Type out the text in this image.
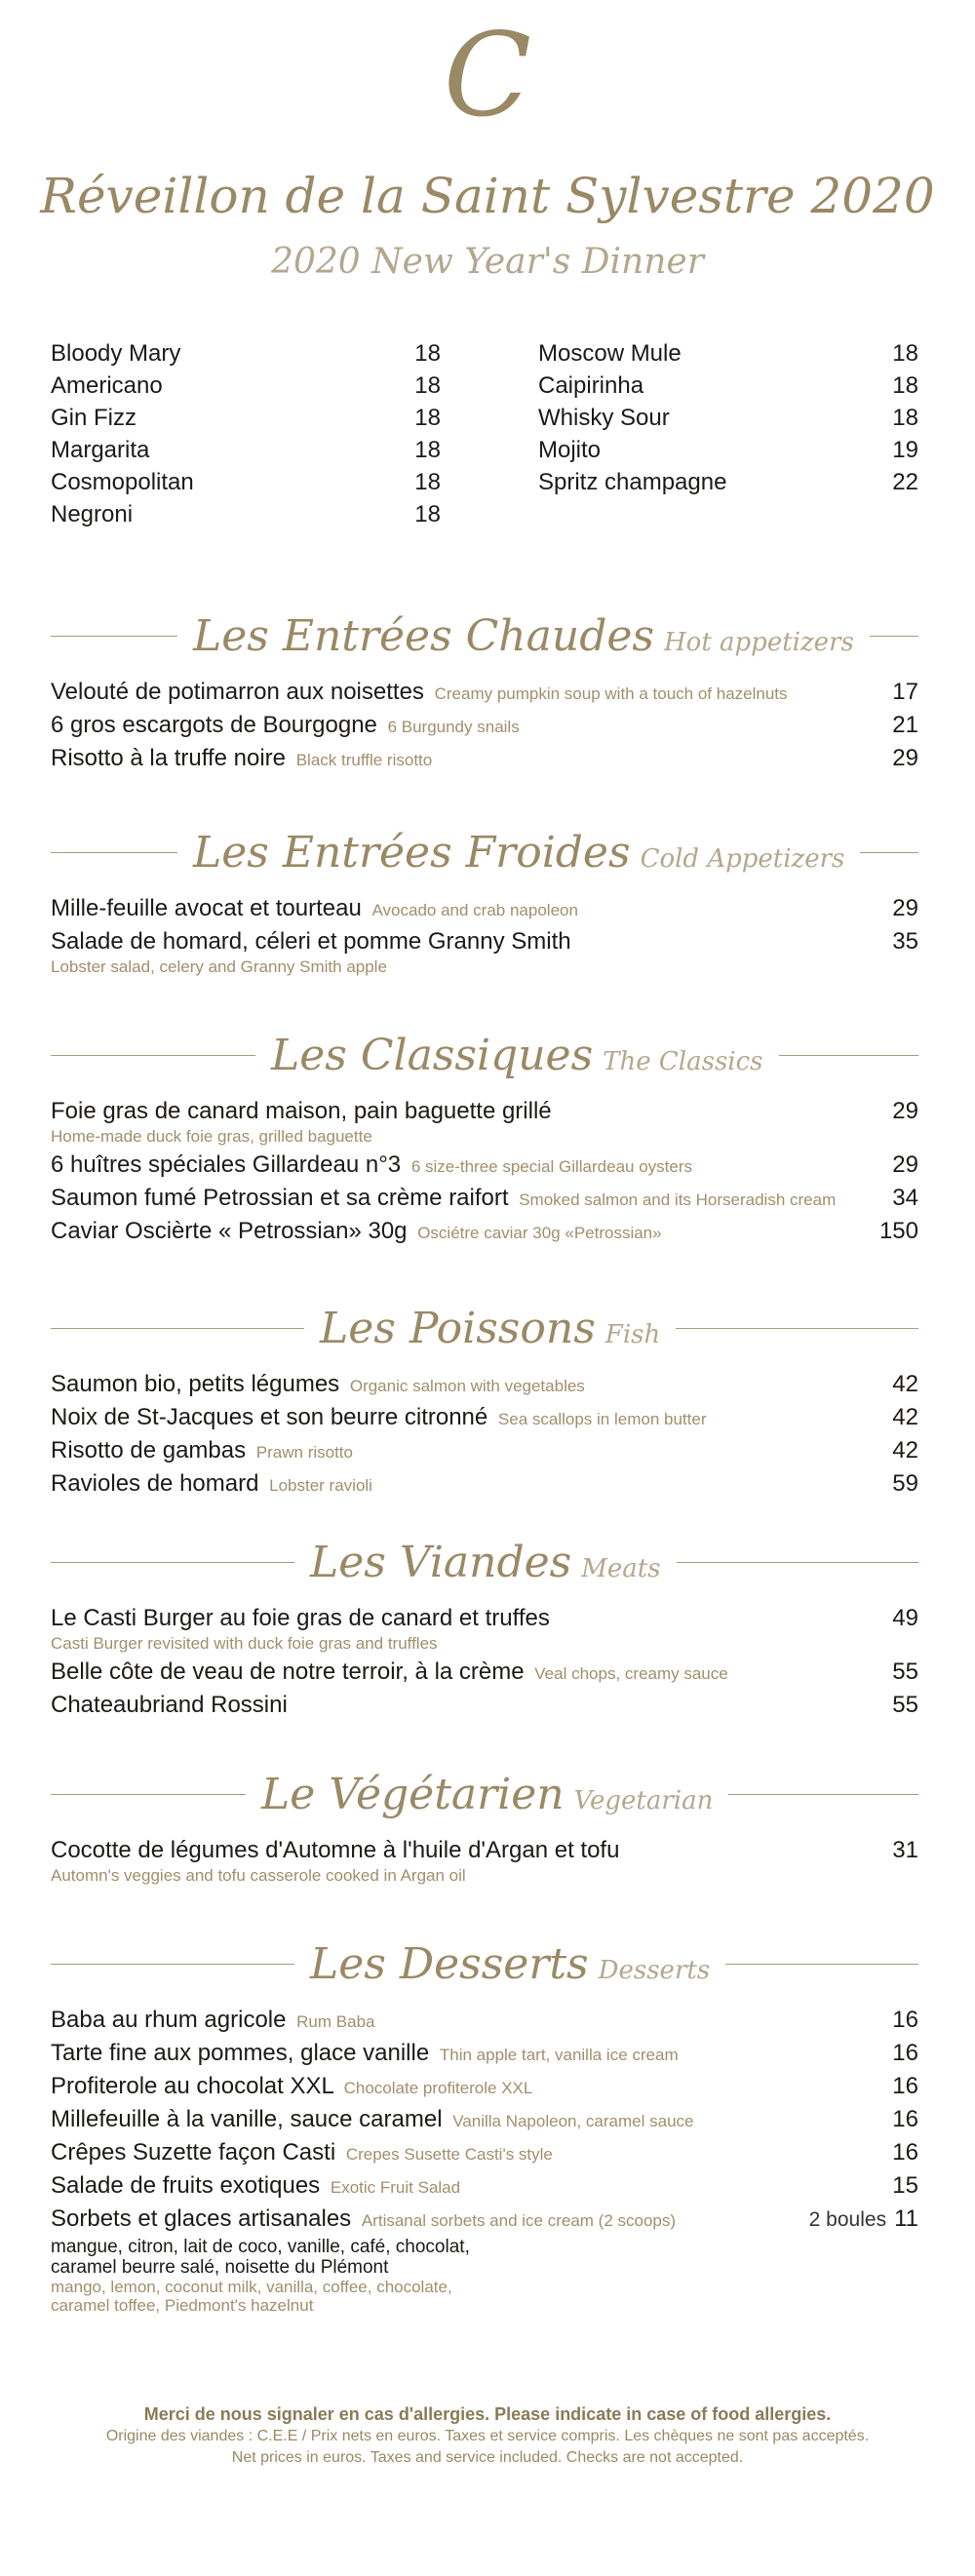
C
Réveillon de la Saint Sylvestre 2020
2020 New Year's Dinner
Bloody Mary	18
Americano	18
Gin Fizz	18
Margarita	18
Cosmopolitan	18
Negroni	18
Moscow Mule	18
Caipirinha	18
Whisky Sour	18
Mojito	19
Spritz champagne	22
Les Entrées Chaudes Hot appetizers
Velouté de potimarron aux noisettes Creamy pumpkin soup with a touch of hazelnuts	17
6 gros escargots de Bourgogne 6 Burgundy snails	21
Risotto à la truffe noire Black truffle risotto	29
Les Entrées Froides Cold Appetizers
Mille-feuille avocat et tourteau Avocado and crab napoleon	29
Salade de homard, céleri et pomme Granny Smith	35
Lobster salad, celery and Granny Smith apple
Les Classiques The Classics
Foie gras de canard maison, pain baguette grillé	29
Home-made duck foie gras, grilled baguette
6 huîtres spéciales Gillardeau n°3 6 size-three special Gillardeau oysters	29
Saumon fumé Petrossian et sa crème raifort Smoked salmon and its Horseradish cream	34
Caviar Oscièrte « Petrossian» 30g Osciétre caviar 30g «Petrossian»	150
Les Poissons Fish
Saumon bio, petits légumes Organic salmon with vegetables	42
Noix de St-Jacques et son beurre citronné Sea scallops in lemon butter	42
Risotto de gambas Prawn risotto	42
Ravioles de homard Lobster ravioli	59
Les Viandes Meats
Le Casti Burger au foie gras de canard et truffes	49
Casti Burger revisited with duck foie gras and truffles
Belle côte de veau de notre terroir, à la crème Veal chops, creamy sauce	55
Chateaubriand Rossini	55
Le Végétarien Vegetarian
Cocotte de légumes d'Automne à l'huile d'Argan et tofu	31
Automn's veggies and tofu casserole cooked in Argan oil
Les Desserts Desserts
Baba au rhum agricole Rum Baba	16
Tarte fine aux pommes, glace vanille Thin apple tart, vanilla ice cream	16
Profiterole au chocolat XXL Chocolate profiterole XXL	16
Millefeuille à la vanille, sauce caramel Vanilla Napoleon, caramel sauce	16
Crêpes Suzette façon Casti Crepes Susette Casti's style	16
Salade de fruits exotiques Exotic Fruit Salad	15
Sorbets et glaces artisanales Artisanal sorbets and ice cream (2 scoops)	2 boules 11
mangue, citron, lait de coco, vanille, café, chocolat,
caramel beurre salé, noisette du Plémont
mango, lemon, coconut milk, vanilla, coffee, chocolate,
caramel toffee, Piedmont's hazelnut
Merci de nous signaler en cas d'allergies. Please indicate in case of food allergies.
Origine des viandes : C.E.E / Prix nets en euros. Taxes et service compris. Les chèques ne sont pas acceptés.
Net prices in euros. Taxes and service included. Checks are not accepted.
